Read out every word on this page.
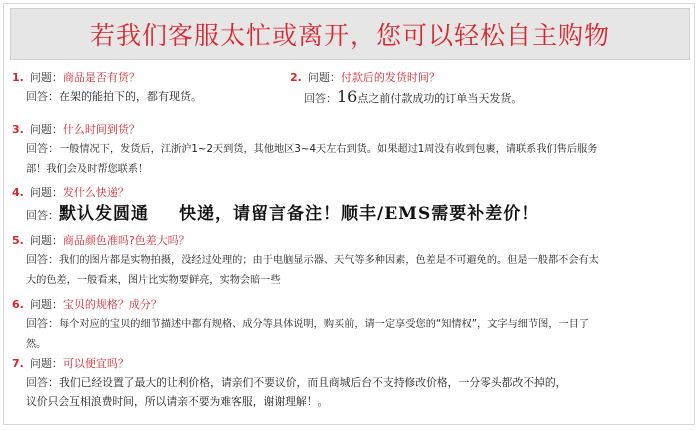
若我们客服太忙或离开，您可以轻松自主购物
1. 问题：商品是否有货？
回答：在架的能拍下的，都有现货。
2. 问题：付款后的发货时间？
回答：16点之前付款成功的订单当天发货。
3. 问题：什么时间到货？
回答：一般情况下，发货后，江浙沪1~2天到货，其他地区3~4天左右到货。如果超过1周没有收到包裹，请联系我们售后服务
部！我们会及时帮您联系！
4. 问题：发什么快递？
回答：默认发圆通 快递，请留言备注！顺丰/EMS需要补差价！
5. 问题：商品颜色准吗?色差大吗？
回答：我们的图片都是实物拍摄，没经过处理的；由于电脑显示器、天气等多种因素，色差是不可避免的。但是一般都不会有太
大的色差，一般看来，图片比实物要鲜亮，实物会暗一些
6. 问题：宝贝的规格？成分？
回答：每个对应的宝贝的细节描述中都有规格、成分等具体说明，购买前，请一定享受您的“知情权”，文字与细节图，一目了
然。
7. 问题：可以便宜吗？
回答：我们已经设置了最大的让利价格，请亲们不要议价，而且商城后台不支持修改价格，一分零头都改不掉的，
议价只会互相浪费时间，所以请亲不要为难客服，谢谢理解！。
